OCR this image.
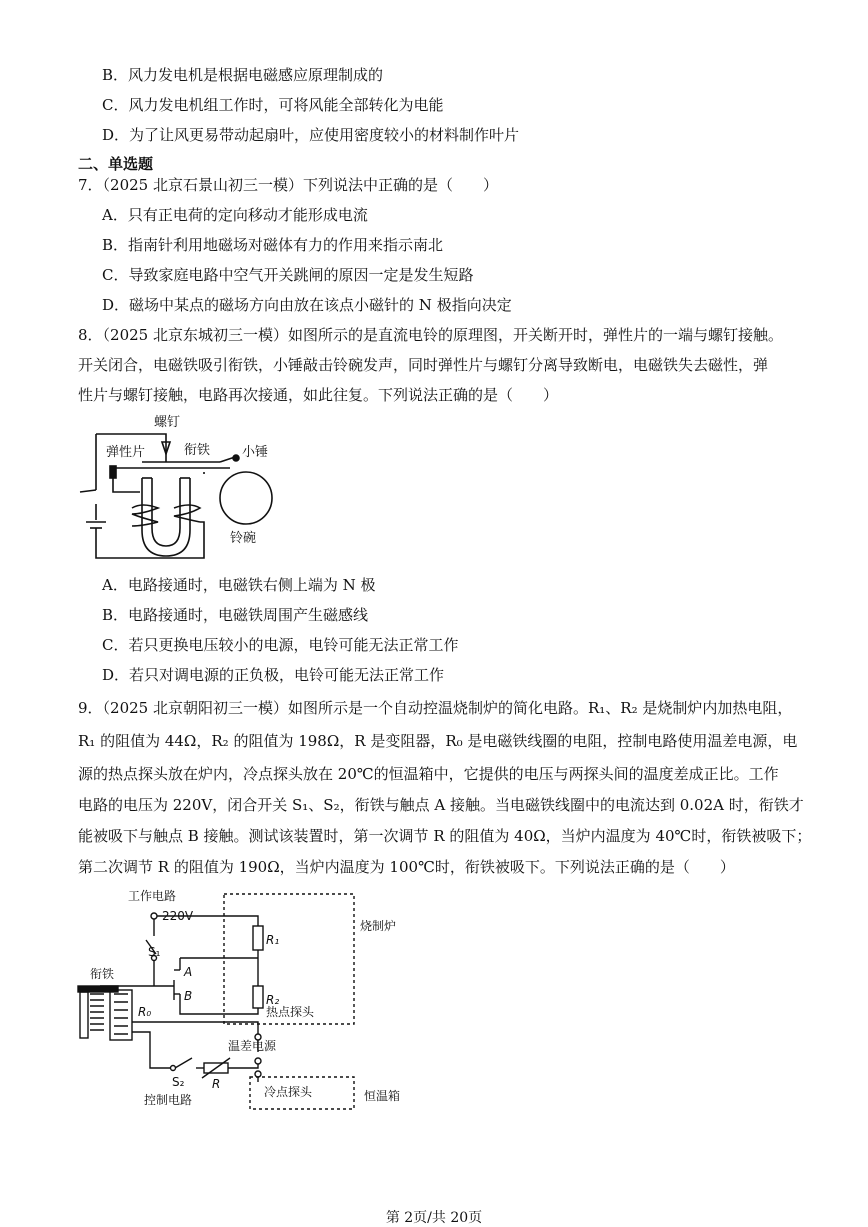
B．风力发电机是根据电磁感应原理制成的
C．风力发电机组工作时，可将风能全部转化为电能
D．为了让风更易带动起扇叶，应使用密度较小的材料制作叶片
二、单选题
7．（2025 北京石景山初三一模）下列说法中正确的是（　　）
A．只有正电荷的定向移动才能形成电流
B．指南针利用地磁场对磁体有力的作用来指示南北
C．导致家庭电路中空气开关跳闸的原因一定是发生短路
D．磁场中某点的磁场方向由放在该点小磁针的 N 极指向决定
8．（2025 北京东城初三一模）如图所示的是直流电铃的原理图，开关断开时，弹性片的一端与螺钉接触。
开关闭合，电磁铁吸引衔铁，小锤敲击铃碗发声，同时弹性片与螺钉分离导致断电，电磁铁失去磁性，弹
性片与螺钉接触，电路再次接通，如此往复。下列说法正确的是（　　）
螺钉
弹性片	衔铁 小锤
铃碗
A．电路接通时，电磁铁右侧上端为 N 极
B．电路接通时，电磁铁周围产生磁感线
C．若只更换电压较小的电源，电铃可能无法正常工作
D．若只对调电源的正负极，电铃可能无法正常工作
9．（2025 北京朝阳初三一模）如图所示是一个自动控温烧制炉的简化电路。R₁、R₂ 是烧制炉内加热电阻，
R₁ 的阻值为 44Ω，R₂ 的阻值为 198Ω，R 是变阻器，R₀ 是电磁铁线圈的电阻，控制电路使用温差电源，电
源的热点探头放在炉内，冷点探头放在 20℃的恒温箱中，它提供的电压与两探头间的温度差成正比。工作
电路的电压为 220V，闭合开关 S₁、S₂，衔铁与触点 A 接触。当电磁铁线圈中的电流达到 0.02A 时，衔铁才
能被吸下与触点 B 接触。测试该装置时，第一次调节 R 的阻值为 40Ω，当炉内温度为 40℃时，衔铁被吸下；
第二次调节 R 的阻值为 190Ω，当炉内温度为 100℃时，衔铁被吸下。下列说法正确的是（　　）
工作电路
220V
烧制炉
R₁
R₂
S₁
衔铁	A
B
R₀	热点探头
温差电源
S₂ R
冷点探头
控制电路	恒温箱
第 2页/共 20页
